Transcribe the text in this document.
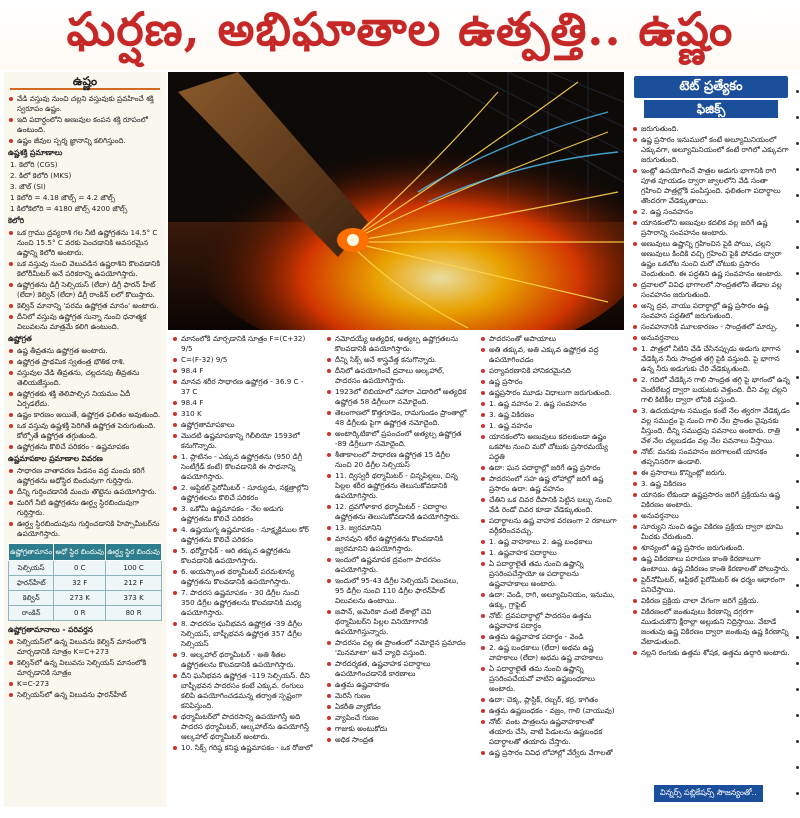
ఘర్షణ, అభిఘాతాల ఉత్పత్తి.. ఉష్ణం
ఉష్ణం
వేడి వస్తువు నుంచి చల్లని వస్తువుకు ప్రవహించే శక్తి స్వరూపం ఉష్ణం.
ఇది పదార్థంలోని అణువుల కంపన శక్తి రూపంలో ఉంటుంది.
ఉష్ణం జీవుల స్పర్శ జ్ఞానాన్ని కలిగిస్తుంది.
ఉష్ణశక్తి ప్రమాణాలు
1. కెలోరి (CGS)
2. కిలో కెలోరి (MKS)
3. జౌల్ (SI)
1 కెలోరి = 4.18 జౌల్స్ = 4.2 జౌల్స్
1 కిలోకెలోరి = 4180 జౌల్స్ 4200 జౌల్స్
కెలోరి
ఒక గ్రాము ద్రవ్యరాశి గల నీటి ఉష్ణోగ్రతను 14.5° C నుంచి 15.5° C వరకు పెంచడానికి అవసరమైన ఉష్ణాన్ని కెలోరి అంటారు.
ఒక వస్తువు నుంచి వెలువడిన ఉష్ణరాశిని కొలవడానికి కెలోరీమీటర్ అనే పరికరాన్ని ఉపయోగిస్తారు.
ఉష్ణోగ్రతను డిగ్రీ సెల్సియస్ (లేదా) డిగ్రీ ఫారన్ హీట్ (లేదా) కెల్విన్ (లేదా) డిగ్రీ రాంకిన్ లలో కొలుస్తారు.
కెల్విన్ మానాన్ని 'పరమ ఉష్ణోగ్రత మానం' అంటారు.
దీనిలో వస్తువు ఉష్ణోగ్రత సున్నా నుంచి ధనాత్మక విలువలను మాత్రమే కలిగి ఉంటుంది.
ఉష్ణోగ్రత
ఉష్ణ తీవ్రతను ఉష్ణోగ్రత అంటారు.
ఉష్ణోగ్రత ప్రాథమిక స్వతంత్ర భౌతిక రాశి.
వస్తువుల వేడి తీవ్రతను, చల్లదనపు తీవ్రతను తెలియజేస్తుంది.
ఉష్ణోగ్రతకు శక్తి తెలిపాల్సిన నియమం ఏదీ ఏర్పడలేదు.
ఉష్ణం కారణం అయితే, ఉష్ణోగ్రత ఫలితం అవుతుంది.
ఒక వస్తువు ఉష్ణశక్తి పెరిగితే ఉష్ణోగ్రత పెరుగుతుంది. కోల్పోతే ఉష్ణోగ్రత తగ్గుతుంది.
ఉష్ణోగ్రతను కొలిచే పరికరం - ఉష్ణమాపకం
ఉష్ణమాపకాల ప్రమాణాల వివరణ
సాధారణ వాతావరణ పీడనం వద్ద మంచు కరిగే ఉష్ణోగ్రతను అధోస్థిర బిందువుగా గుర్తిస్తారు.
దీన్ని గుర్తించడానికి మంచు తొట్టెను ఉపయోగిస్తారు.
మరిగే నీటి ఉష్ణోగ్రతను ఊర్ధ్వ స్థిరబిందువుగా గుర్తిస్తారు.
ఊర్ధ్వ స్థిరబిందువును గుర్తించడానికి హిప్సొమీటర్‌ను ఉపయోగిస్తారు.
ఉష్ణోగ్రతామానం	అధో స్థిర బిందువు	ఊర్ధ్వ స్థిర బిందువు
సెల్సియస్	0 C	100 C
ఫారన్‌హీట్	32 F	212 F
కెల్విన్	273 K	373 K
రాంకిన్	0 R	80 R
ఉష్ణోగ్రతామానాలు - పరివర్తన
సెల్సియస్‌లో ఉన్న విలువను కెల్విన్ మానంలోకి మార్చడానికి సూత్రం K=C+273
కెల్విన్‌లో ఉన్న విలువను సెల్సియస్ మానంలోకి మార్చడానికి సూత్రం
K=C-273
సెల్సియస్‌లో ఉన్న విలువను ఫారన్‌హీట్
మానంలోకి మార్చడానికి సూత్రం F=(C+32) 9/5
C=(F-32) 9/5
98.4 F
మానవ శరీర సాధారణ ఉష్ణోగ్రత - 36.9 C - 37 C
98.4 F
310 K
ఉష్ణోగ్రతామాపకాలు
మొదటి ఉష్ణమాపకాన్ని గెలీలియో 1593లో కనుగొన్నారు.
1. ప్లాటినం - ఎక్కువ ఉష్ణోగ్రతను (950 డిగ్రీ సెంటీగ్రేడ్ కంటే) కొలవడానికి ఈ సాధనాన్ని ఉపయోగిస్తారు.
2. ఆప్టికల్ పైరోమీటర్ - సూర్యుడు, నక్షత్రాల్లోని ఉష్ణోగ్రతలను కొలిచే పరికరం
3. ఒకోమీ ఉష్ణమాపకం - నేల అడుగు ఉష్ణోగ్రతను కొలిచే పరికరం
4. ఉష్ణయుగ్మ ఉష్ణమాపకం - సూక్ష్మక్రిముల కోర్ ఉష్ణోగ్రతను కొలిచే పరికరం
5. థర్మోగ్రాఫిక్ - ఆరి తక్కువ ఉష్ణోగ్రతను కొలవడానికి ఉపయోగిస్తారు.
6. అయస్కాంత థర్మామీటర్ పరమశూన్య ఉష్ణోగ్రతను కొలవడానికి ఉపయోగిస్తారు.
7. పాదరస ఉష్ణమాపకం - 30 డిగ్రీల నుంచి 350 డిగ్రీల ఉష్ణోగ్రతలను కొలవడానికి మధ్య ఉపయోగిస్తారు.
8. పాదరసం ఘనీభవన ఉష్ణోగ్రత -39 డిగ్రీల సెల్సియస్, బాష్పీభవన ఉష్ణోగ్రత 357 డిగ్రీల సెల్సియస్
9. ఆల్కహాల్ థర్మామీటర్ - అతి శీతల ఉష్ణోగ్రతలను కొలవడానికి ఉపయోగిస్తారు.
దీని ఘనీభవన ఉష్ణోగ్రత -119 సెల్సియస్. దీని బాష్పీభవన పాదరసం కంటే ఎక్కువ. రంగులు కలిపి ఉపయోగించడమన్న తర్వాత స్పష్టంగా కనిపిస్తుంది.
థర్మామీటర్‌లో పాదరసాన్ని ఉపయోగిస్తే అది పాదరస థర్మామీటర్, ఆల్కహాల్‌ను ఉపయోగిస్తే ఆల్కహాల్ థర్మామీటర్ అంటారు.
10. సిక్స్ గరిష్ఠ కనిష్ఠ ఉష్ణమాపకం - ఒక రోజులో
నమోదయ్యే అత్యధిక, అత్యల్ప ఉష్ణోగ్రతలను కొలవడానికి ఉపయోగిస్తారు.
దీన్ని సిక్స్ అనే శాస్త్రవేత్త కనుగొన్నారు.
దీనిలో ఉపయోగించే ద్రవాలు ఆల్కహాల్, పాదరసం ఉపయోగిస్తారు.
1923లో లిబియాలో సహారా ఎడారిలో అత్యధిక ఉష్ణోగ్రత 58 డిగ్రీలుగా నమోదైంది.
తెలంగాణలో కొత్తగూడెం, రామగుండం ప్రాంతాల్లో 48 డిగ్రీలకు పైగా ఉష్ణోగ్రత నమోదైంది.
అంటార్కిటికాలో ప్రపంచంలో అత్యల్ప ఉష్ణోగ్రత -89 డిగ్రీలుగా నమోదైంది.
శీతాకాలంలో సాధారణ ఉష్ణోగ్రత 15 డిగ్రీల నుంచి 20 డిగ్రీల సెల్సియస్
11. ద్విస్వరీ థర్మామీటర్ - చిన్నపిల్లలు, చిన్న పిల్లల శరీర ఉష్ణోగ్రతను తెలుసుకోవడానికి ఉపయోగిస్తారు.
12. ద్రవగోళాకార థర్మామీటర్ - పదార్థాల ఉష్ణోగ్రతను తెలుసుకోవడానికి ఉపయోగిస్తారు.
13. జ్వరమానిని
మానవుని శరీర ఉష్ణోగ్రతను కొలవడానికి జ్వరమానిని ఉపయోగిస్తారు.
ఇందులో ఉష్ణమాపక ద్రవంగా పాదరసం ఉపయోగిస్తారు.
ఇందులో 95-43 డిగ్రీల సెల్సియస్ విలువలు, 95 డిగ్రీల నుంచి 110 డిగ్రీల ఫారన్‌హీట్ విలువలను ఉంటాయి.
జపాన్, అమెరికా వంటి దేశాల్లో చెవి థర్మామీటర్‌ని పిల్లల వినియోగానికి ఉపయోగిస్తున్నారు.
పాదరసం వల్ల ఈ ప్రాంతంలో నమోదైన ప్రమాదం 'మినమాటా' అనే వ్యాధి వస్తుంది.
పారదర్శకత, ఉష్ణవాహక పదార్థాలు ఉపయోగించడానికి కారణాలు
ఉత్తమ ఉష్ణవాహకం
మెరిసే గుణం
ఏకరీతి వ్యాకోచం
వ్యాపించే గుణం
గాజుకు అంటుకోదు
అధిక సాంద్రత
పాదరసంతో అపాయాలు
అతి తక్కువ, అతి ఎక్కువ ఉష్ణోగ్రత వద్ద ఉపయోగించడం
పర్యావరణానికి హానికరమైనది
ఉష్ణ ప్రసారం
ఉష్ణప్రసారం మూడు విధాలుగా జరుగుతుంది.
1. ఉష్ణ వహనం 2. ఉష్ణ సంవహనం
3. ఉష్ణ వికిరణం
1. ఉష్ణ వహనం
యానకంలోని అణువులు కదలకుండా ఉష్ణం ఒకపోట నుంచి మరో చోటుకు ప్రసారమయ్యే పద్ధతి
ఉదా: ఘన పదార్థాల్లో జరిగే ఉష్ణ ప్రసారం
పాదరసంలో సహ ఉష్ణ లోహాల్లో జరిగే ఉష్ణ ప్రసారం ఉదా: ఉష్ణ వహనం
చేతిని ఒక చివర దీపానికి పెట్టిన బల్బు నుంచి వేడి రెండో చివర కూడా వేడెక్కుతుంది.
పదార్థాలను ఉష్ణ వాహక వరణంగా 2 రకాలుగా వర్గీకరించవచ్చు.
1. ఉష్ణ వాహకాలు 2. ఉష్ణ బంధకాలు
1. ఉష్ణవాహక పదార్థాలు
ఏ పదార్థాలైతే తమ నుంచి ఉష్ణాన్ని ప్రసరింపచేస్తాయో ఆ పదార్థాలను ఉష్ణవాహకాలు అంటారు.
ఉదా: వెండి, రాగి, అల్యూమినియం, ఇనుము, ఉక్కు, గ్రాఫైట్
నోట్: ద్రవపదార్థాల్లో పాదరసం ఉత్తమ ఉష్ణవాహక పదార్థం
ఉత్తమ ఉష్ణవాహక పదార్థం - వెండి
2. ఉష్ణ బంధకాలు (లేదా) అథమ ఉష్ణ వాహకాలు (లేదా) అధమ ఉష్ణ వాహకాలు
ఏ పదార్థాలైతే తమ నుంచి ఉష్ణాన్ని ప్రసరింపచేయవో వాటిని ఉష్ణబంధకాలు అంటారు.
ఉదా: చెక్క, ప్లాస్టిక్, రబ్బర్, కర్ర, కాగితం
ఉత్తమ ఉష్ణబంధకం - వజ్రం, గాలి (వాయువు)
నోట్: వంట పాత్రలను ఉష్ణవాహకాలతో తయారు చేసి, వాటి పిడులను ఉష్ణబంధక పదార్థాలతో తయారు చేస్తారు.
ఉష్ణ ప్రసారం వివిధ లోహాల్లో వేర్వేరు వేగాలతో
టెట్ ప్రత్యేకం
ఫిజిక్స్
జరుగుతుంది.
ఉష్ణ ప్రసారం ఇనుములో కంటే అల్యూమినియంలో ఎక్కువగా, అల్యూమినియంలో కంటే రాగిలో ఎక్కువగా జరుగుతుంది.
ఇంట్లో ఉపయోగించే పాత్రల అడుగు భాగానికి రాగి పూత పూయడం ద్వారా జ్వాలలోని వేడి సంతా గ్రహించి పాత్రల్లోకి పంపిస్తుంది. ఫలితంగా పదార్థాలు తొందరగా వేడెక్కుతాయి.
2. ఉష్ణ సంవహనం
యానకంలోని అణువుల కదలిక వల్ల జరిగే ఉష్ణ ప్రసారాన్ని సంవహనం అంటారు.
అణువులు ఉష్ణాన్ని గ్రహించిన పైకి పోయి, చల్లని అణువులు కిందికి వచ్చి గ్రహించి పైకి పోవడం ద్వారా ఉష్ణం ఒకచోట నుంచి మరో చోటుకు ప్రసారం చెందుతుంది. ఈ పద్ధతిని ఉష్ణ సంవహనం అంటారు.
ద్రవాలలో వివిధ భాగాలలో సాంద్రతలోని తేడాల వల్ల సంవహనం జరుగుతుంది.
అన్ని ద్రవ, వాయు పదార్థాల్లో ఉష్ణ ప్రసారం ఉష్ణ సంవహన పద్ధతిలో జరుగుతుంది.
సంవహనానికి మూలకారణం - సాంద్రతలో మార్పు.
అనువర్తనాలు
1. పాత్రలో నీటిని వేడి చేసినప్పుడు అడుగు భాగాన వేడెక్కిన నీరు సాంద్రత తగ్గి పైకి వస్తుంది. పై భాగాన ఉన్న నీరు అడుగుకు చేరి వేడెక్కుతుంది.
2. గదిలో వేడెక్కిన గాలి సాంద్రత తగ్గి పై భాగంలో ఉన్న వెంటిలేటర్ల ద్వారా బయటకు వెళ్తుంది. దీని వల్ల చల్లని గాలి కిటికీల ద్వారా లోనికి వస్తుంది.
3. ఉదయపూట సముద్రం కంటే నేల త్వరగా వేడెక్కడం వల్ల సముద్రం పై నుంచి గాలి నేల ప్రాంతం వైపునకు వీస్తుంది. దీన్ని సముద్రపు పవనాలు అంటారు. రాత్రి వేళ నేల చల్లబడడం వల్ల నేల పవనాలు వీస్తాయి.
నోట్: మనకు సంవహనం జరగాలంటే యానకం తప్పనిసరిగా ఉండాలి.
ఈ ప్రసారాలు కొన్నింట్లో జరుగు.
3. ఉష్ణ వికిరణం
యానకం లేకుండా ఉష్ణప్రసారం జరిగే ప్రక్రియను ఉష్ణ వికిరణం అంటారు.
అనువర్తనాలు
సూర్యుని నుంచి ఉష్ణం వికిరణ ప్రక్రియ ద్వారా భూమి మీదకు చేరుతుంది.
శూన్యంలో ఉష్ణ ప్రసారం జరుగుతుంది.
ఉష్ణ వికిరణాలు పరారుణ కాంతి కిరణాలుగా ఉంటాయి. ఉష్ణ వికిరణం కాంతి కిరణాలతో పోలుస్తారు.
పైర్‌నోమీటర్, ఆప్టికల్ పైరోమీటర్ ఈ ధర్మం ఆధారంగా పనిచేస్తాయి.
వికిరణ ప్రక్రియ చాలా వేగంగా జరిగే ప్రక్రియ.
వికిరణంలో జంతువులు కిరణాన్ని దగ్గరగా ముడుచుకొని క్షీరాల్లా అల్లుకుని నిద్రిస్తాయి. వేటాడే జంతువు ఉష్ణ వికిరణం ద్వారా జంతువు ఉష్ణ కిరణాన్ని వేటాడుతుంది.
నల్లని రంగుకు ఉత్తమ శోషక, ఉత్తమ ఉద్గారి అంటారు.
విన్నర్స్ పబ్లికేషన్స్ సౌజన్యంతో..
